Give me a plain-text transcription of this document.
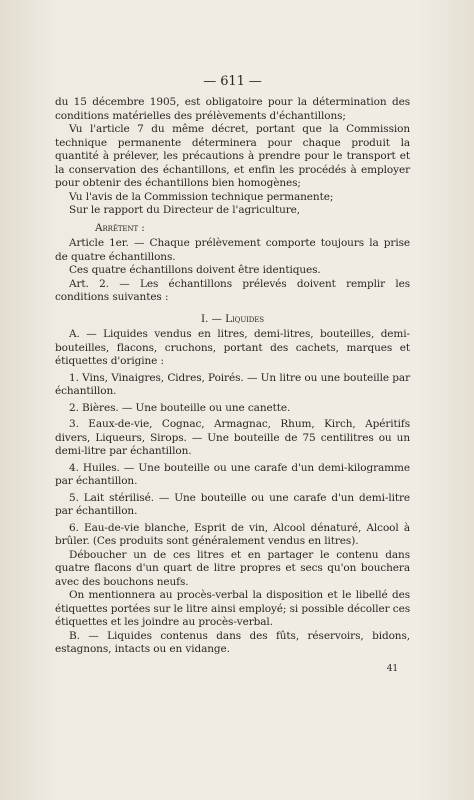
— 611 —

du 15 décembre 1905, est obligatoire pour la détermination des conditions matérielles des prélèvements d'échantillons;

Vu l'article 7 du même décret, portant que la Commission technique permanente déterminera pour chaque produit la quantité à prélever, les précautions à prendre pour le transport et la conservation des échantillons, et enfin les procédés à employer pour obtenir des échantillons bien homogènes;

Vu l'avis de la Commission technique permanente;

Sur le rapport du Directeur de l'agriculture,

Arrêtent :

Article 1er. — Chaque prélèvement comporte toujours la prise de quatre échantillons.

Ces quatre échantillons doivent être identiques.

Art. 2. — Les échantillons prélevés doivent remplir les conditions suivantes :

I. — Liquides

A. — Liquides vendus en litres, demi-litres, bouteilles, demi-bouteilles, flacons, cruchons, portant des cachets, marques et étiquettes d'origine :

1. Vins, Vinaigres, Cidres, Poirés. — Un litre ou une bouteille par échantillon.

2. Bières. — Une bouteille ou une canette.

3. Eaux-de-vie, Cognac, Armagnac, Rhum, Kirch, Apéritifs divers, Liqueurs, Sirops. — Une bouteille de 75 centilitres ou un demi-litre par échantillon.

4. Huiles. — Une bouteille ou une carafe d'un demi-kilogramme par échantillon.

5. Lait stérilisé. — Une bouteille ou une carafe d'un demi-litre par échantillon.

6. Eau-de-vie blanche, Esprit de vin, Alcool dénaturé, Alcool à brûler. (Ces produits sont généralement vendus en litres).

Déboucher un de ces litres et en partager le contenu dans quatre flacons d'un quart de litre propres et secs qu'on bouchera avec des bouchons neufs.

On mentionnera au procès-verbal la disposition et le libellé des étiquettes portées sur le litre ainsi employé; si possible décoller ces étiquettes et les joindre au procès-verbal.

B. — Liquides contenus dans des fûts, réservoirs, bidons, estagnons, intacts ou en vidange.

41
